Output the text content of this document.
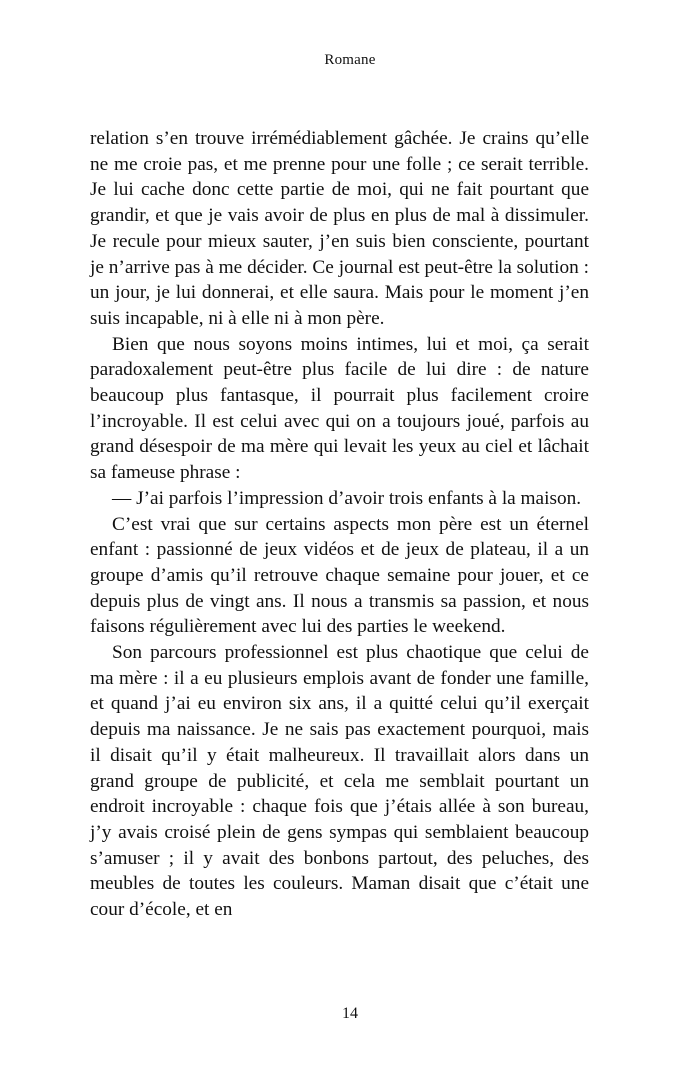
Romane

relation s’en trouve irrémédiablement gâchée. Je crains qu’elle ne me croie pas, et me prenne pour une folle ; ce serait terrible. Je lui cache donc cette partie de moi, qui ne fait pourtant que grandir, et que je vais avoir de plus en plus de mal à dissimuler. Je recule pour mieux sauter, j’en suis bien consciente, pourtant je n’arrive pas à me décider. Ce journal est peut-être la solution : un jour, je lui donnerai, et elle saura. Mais pour le moment j’en suis incapable, ni à elle ni à mon père.

Bien que nous soyons moins intimes, lui et moi, ça serait paradoxalement peut-être plus facile de lui dire : de nature beaucoup plus fantasque, il pourrait plus facilement croire l’incroyable. Il est celui avec qui on a toujours joué, parfois au grand désespoir de ma mère qui levait les yeux au ciel et lâchait sa fameuse phrase :

— J’ai parfois l’impression d’avoir trois enfants à la maison.

C’est vrai que sur certains aspects mon père est un éternel enfant : passionné de jeux vidéos et de jeux de plateau, il a un groupe d’amis qu’il retrouve chaque semaine pour jouer, et ce depuis plus de vingt ans. Il nous a transmis sa passion, et nous faisons régulièrement avec lui des parties le weekend.

Son parcours professionnel est plus chaotique que celui de ma mère : il a eu plusieurs emplois avant de fonder une famille, et quand j’ai eu environ six ans, il a quitté celui qu’il exerçait depuis ma naissance. Je ne sais pas exactement pourquoi, mais il disait qu’il y était malheureux. Il travaillait alors dans un grand groupe de publicité, et cela me semblait pourtant un endroit incroyable : chaque fois que j’étais allée à son bureau, j’y avais croisé plein de gens sympas qui semblaient beaucoup s’amuser ; il y avait des bonbons partout, des peluches, des meubles de toutes les couleurs. Maman disait que c’était une cour d’école, et en

14
